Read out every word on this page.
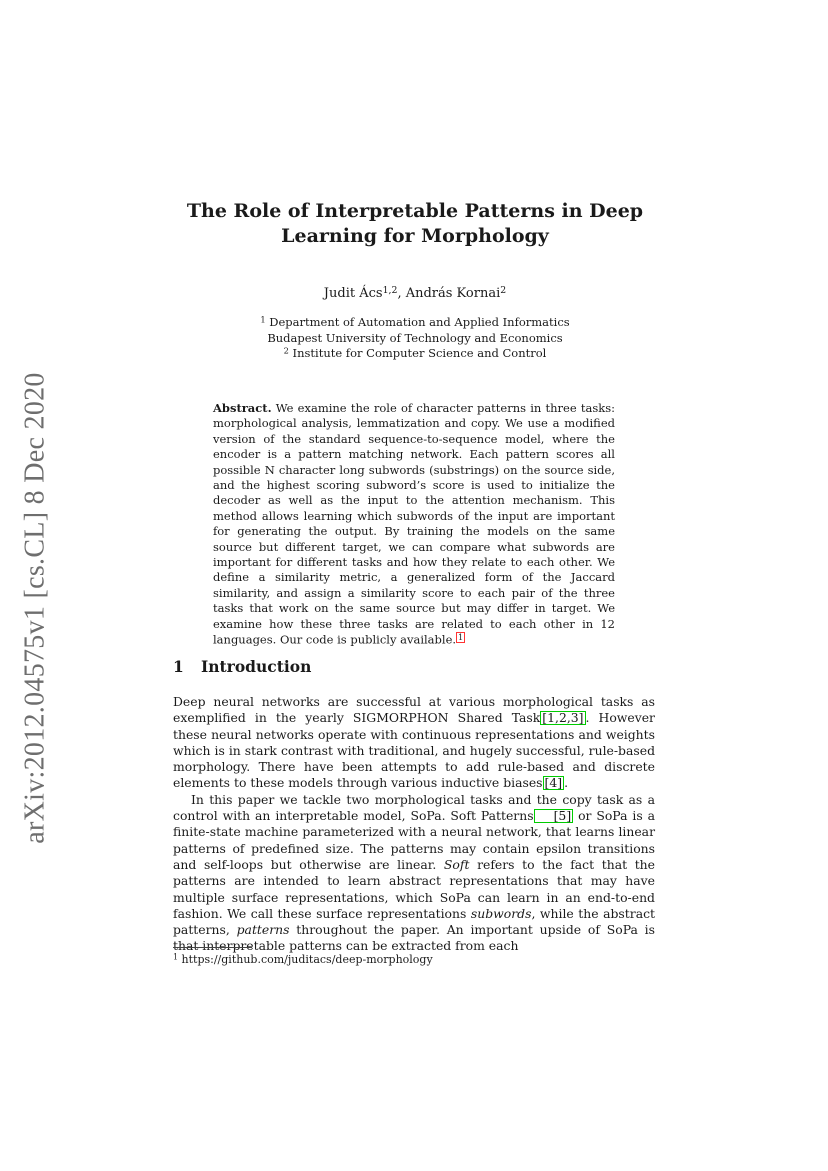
arXiv:2012.04575v1 [cs.CL] 8 Dec 2020
The Role of Interpretable Patterns in Deep
Learning for Morphology
Judit Ács$^{1,2}$, András Kornai$^2$
$^1$ Department of Automation and Applied Informatics
Budapest University of Technology and Economics
$^2$ Institute for Computer Science and Control
Abstract. We examine the role of character patterns in three tasks: morphological analysis, lemmatization and copy. We use a modified version of the standard sequence-to-sequence model, where the encoder is a pattern matching network. Each pattern scores all possible N character long subwords (substrings) on the source side, and the highest scoring subword’s score is used to initialize the decoder as well as the input to the attention mechanism. This method allows learning which subwords of the input are important for generating the output. By training the models on the same source but different target, we can compare what subwords are important for different tasks and how they relate to each other. We define a similarity metric, a generalized form of the Jaccard similarity, and assign a similarity score to each pair of the three tasks that work on the same source but may differ in target. We examine how these three tasks are related to each other in 12 languages. Our code is publicly available. $^1$
1 Introduction

Deep neural networks are successful at various morphological tasks as exemplified in the yearly SIGMORPHON Shared Task [1,2,3] . However these neural networks operate with continuous representations and weights which is in stark contrast with traditional, and hugely successful, rule-based morphology. There have been attempts to add rule-based and discrete elements to these models through various inductive biases [4] .

In this paper we tackle two morphological tasks and the copy task as a control with an interpretable model, SoPa. Soft Patterns [5] or SoPa is a finite-state machine parameterized with a neural network, that learns linear patterns of predefined size. The patterns may contain epsilon transitions and self-loops but otherwise are linear. Soft refers to the fact that the patterns are intended to learn abstract representations that may have multiple surface representations, which SoPa can learn in an end-to-end fashion. We call these surface representations subwords, while the abstract patterns, patterns throughout the paper. An important upside of SoPa is that interpretable patterns can be extracted from each

$^1$ https://github.com/juditacs/deep-morphology
